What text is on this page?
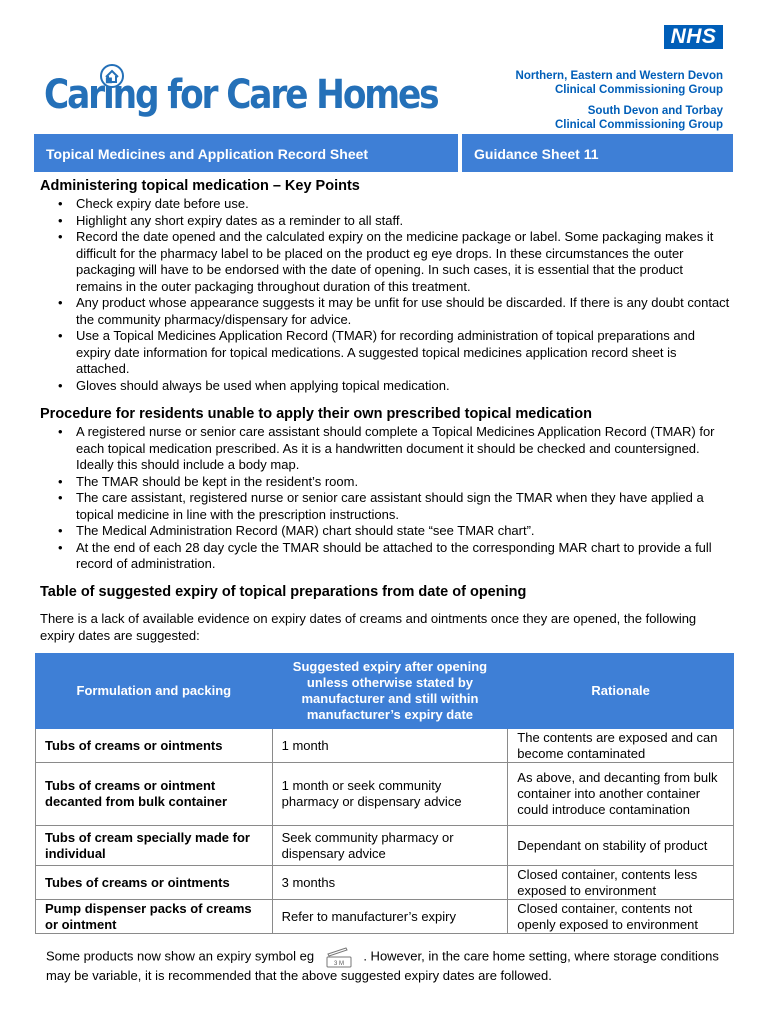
NHS
Caring for Care Homes	Northern, Eastern and Western Devon
Clinical Commissioning Group
South Devon and Torbay
Clinical Commissioning Group
Topical Medicines and Application Record Sheet	Guidance Sheet 11
Administering topical medication – Key Points
• Check expiry date before use.
• Highlight any short expiry dates as a reminder to all staff.
• Record the date opened and the calculated expiry on the medicine package or label. Some packaging makes it difficult for the pharmacy label to be placed on the product eg eye drops. In these circumstances the outer packaging will have to be endorsed with the date of opening. In such cases, it is essential that the product remains in the outer packaging throughout duration of this treatment.
• Any product whose appearance suggests it may be unfit for use should be discarded. If there is any doubt contact the community pharmacy/dispensary for advice.
• Use a Topical Medicines Application Record (TMAR) for recording administration of topical preparations and expiry date information for topical medications. A suggested topical medicines application record sheet is attached.
• Gloves should always be used when applying topical medication.
Procedure for residents unable to apply their own prescribed topical medication
• A registered nurse or senior care assistant should complete a Topical Medicines Application Record (TMAR) for each topical medication prescribed. As it is a handwritten document it should be checked and countersigned. Ideally this should include a body map.
• The TMAR should be kept in the resident’s room.
• The care assistant, registered nurse or senior care assistant should sign the TMAR when they have applied a topical medicine in line with the prescription instructions.
• The Medical Administration Record (MAR) chart should state “see TMAR chart”.
• At the end of each 28 day cycle the TMAR should be attached to the corresponding MAR chart to provide a full record of administration.
Table of suggested expiry of topical preparations from date of opening
There is a lack of available evidence on expiry dates of creams and ointments once they are opened, the following expiry dates are suggested:
Formulation and packing	Suggested expiry after opening unless otherwise stated by manufacturer and still within manufacturer’s expiry date	Rationale
Tubs of creams or ointments	1 month	The contents are exposed and can become contaminated
Tubs of creams or ointment decanted from bulk container	1 month or seek community pharmacy or dispensary advice	As above, and decanting from bulk container into another container could introduce contamination
Tubs of cream specially made for individual	Seek community pharmacy or dispensary advice	Dependant on stability of product
Tubes of creams or ointments	3 months	Closed container, contents less exposed to environment
Pump dispenser packs of creams or ointment	Refer to manufacturer’s expiry	Closed container, contents not openly exposed to environment
Some products now show an expiry symbol eg
3 M
. However, in the care home setting, where storage conditions may be variable, it is recommended that the above suggested expiry dates are followed.
